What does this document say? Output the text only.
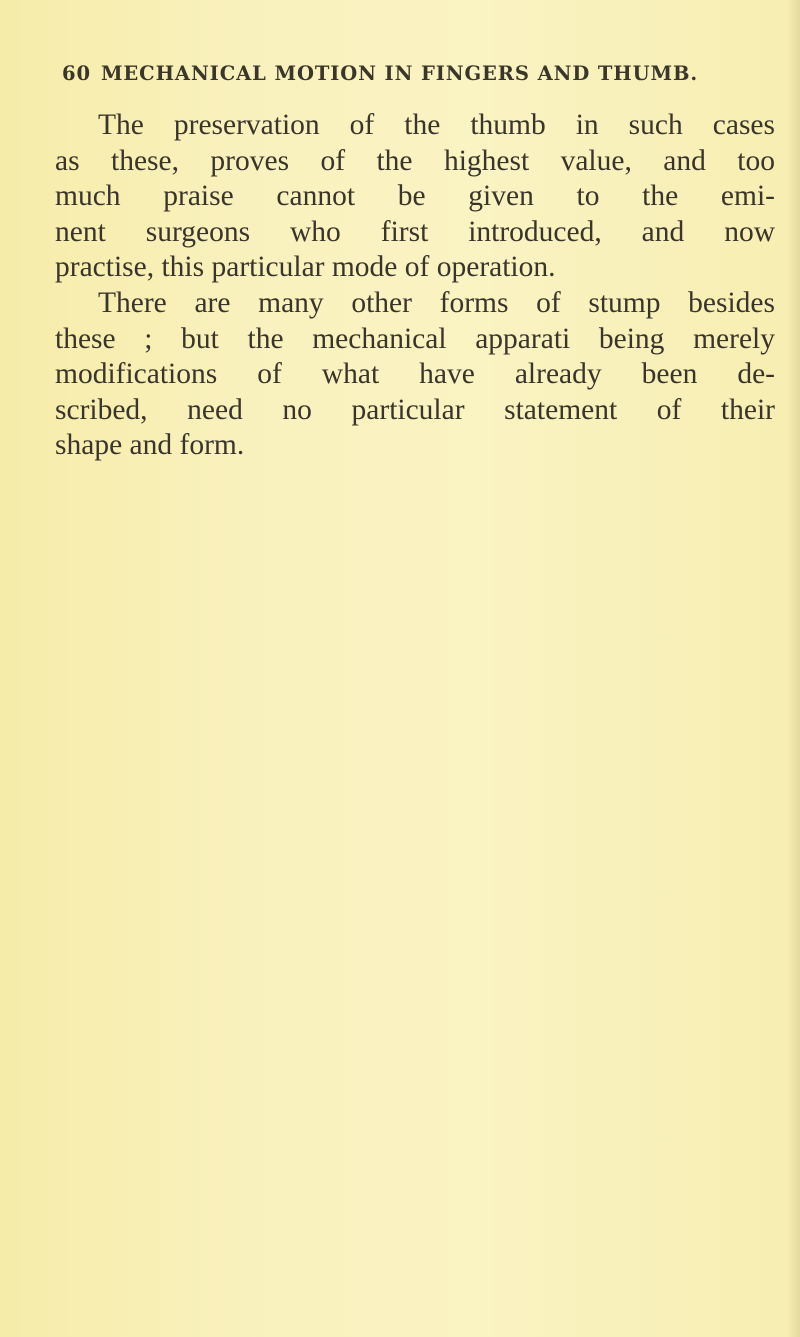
60 MECHANICAL MOTION IN FINGERS AND THUMB.
The preservation of the thumb in such cases
as these, proves of the highest value, and too
much praise cannot be given to the emi-
nent surgeons who first introduced, and now
practise, this particular mode of operation.
There are many other forms of stump besides
these ; but the mechanical apparati being merely
modifications of what have already been de-
scribed, need no particular statement of their
shape and form.
